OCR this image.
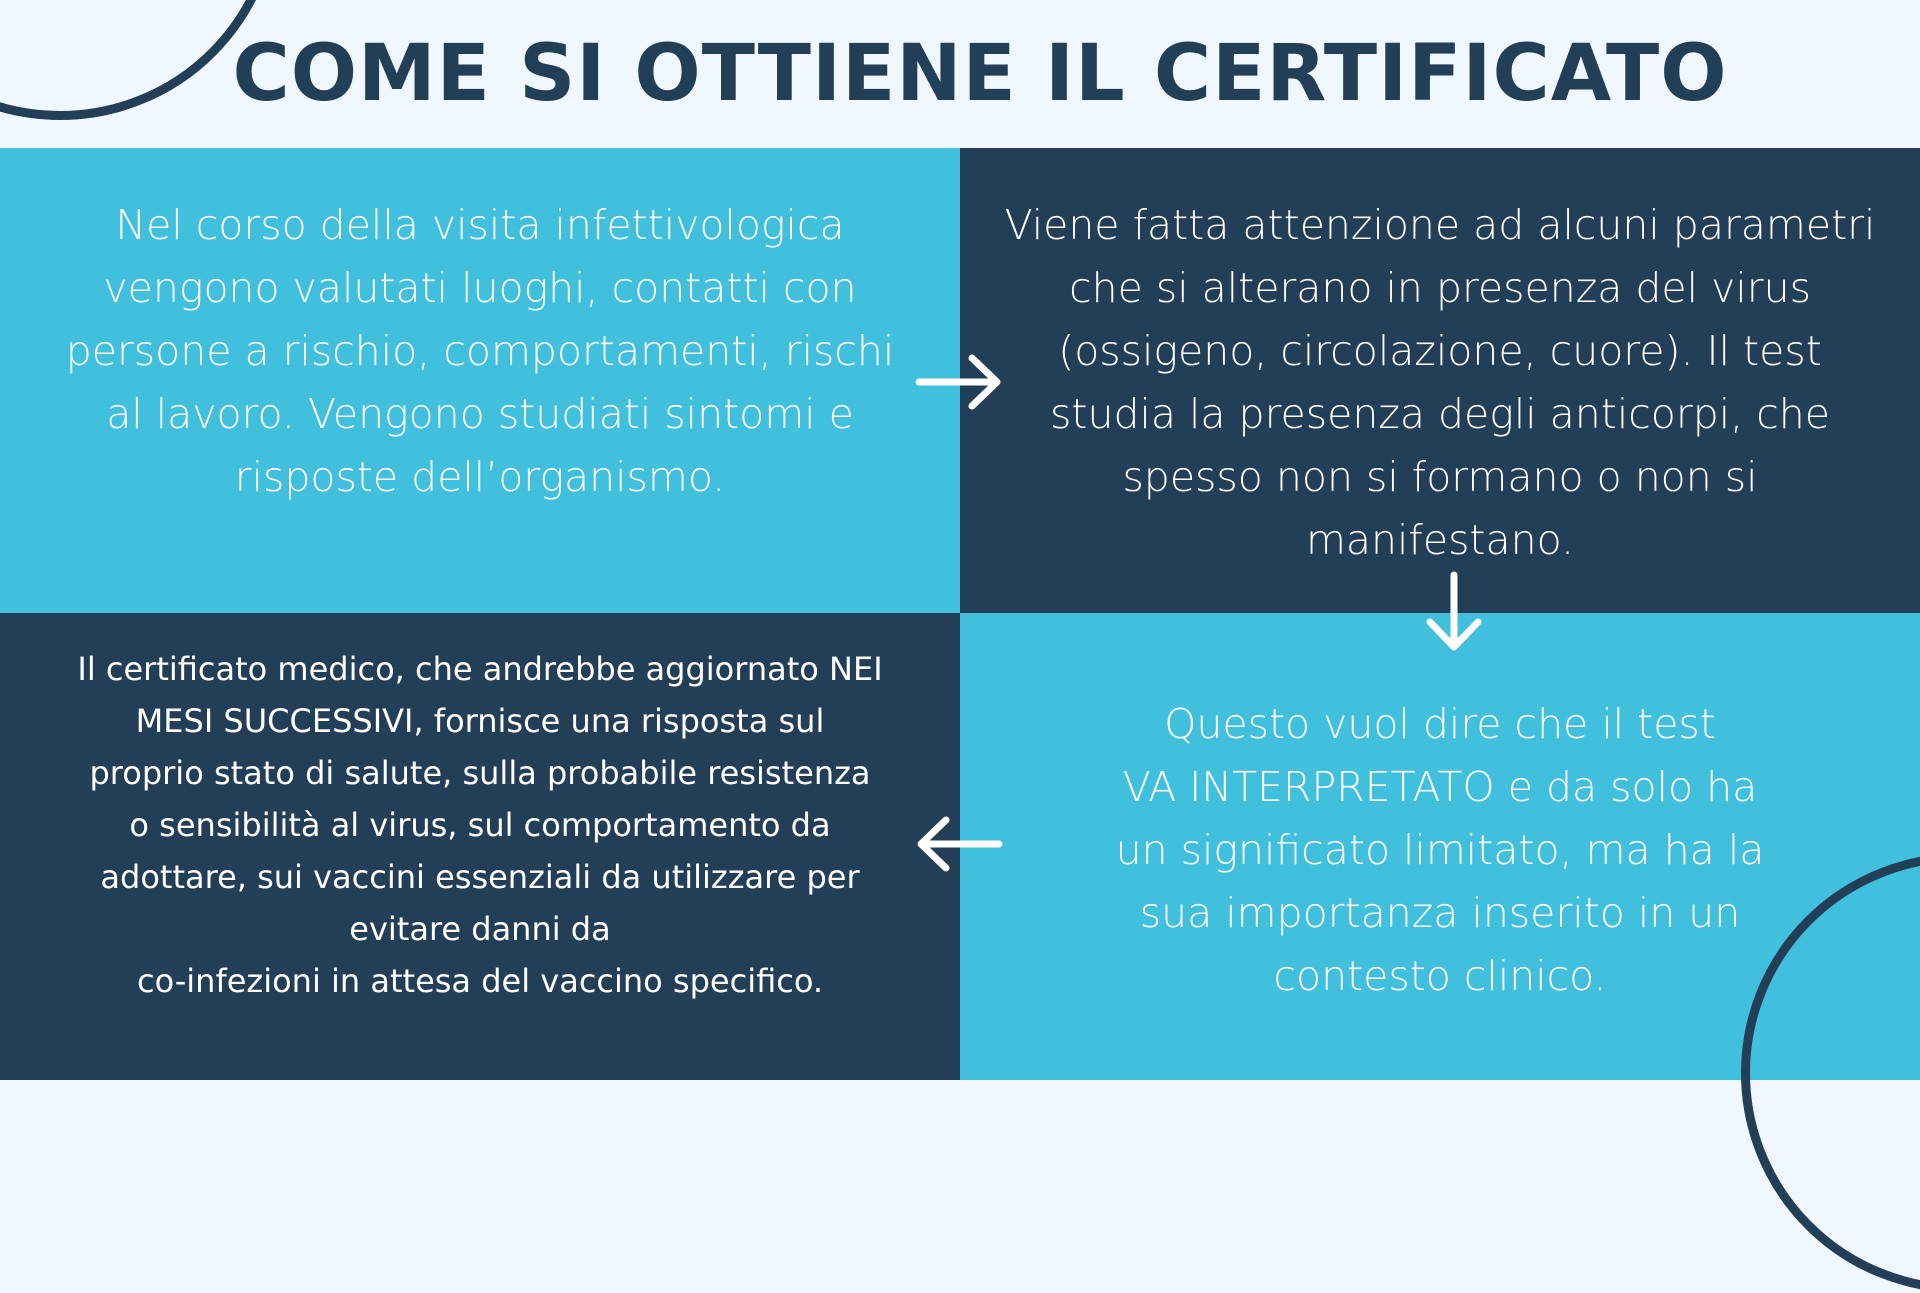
COME SI OTTIENE IL CERTIFICATO
Nel corso della visita infettivologica
vengono valutati luoghi, contatti con
persone a rischio, comportamenti, rischi
al lavoro. Vengono studiati sintomi e
risposte dell’organismo.
Viene fatta attenzione ad alcuni parametri
che si alterano in presenza del virus
(ossigeno, circolazione, cuore). Il test
studia la presenza degli anticorpi, che
spesso non si formano o non si
manifestano.
Il certificato medico, che andrebbe aggiornato NEI
MESI SUCCESSIVI, fornisce una risposta sul
proprio stato di salute, sulla probabile resistenza
o sensibilità al virus, sul comportamento da
adottare, sui vaccini essenziali da utilizzare per
evitare danni da
co-infezioni in attesa del vaccino specifico.
Questo vuol dire che il test
VA INTERPRETATO e da solo ha
un significato limitato, ma ha la
sua importanza inserito in un
contesto clinico.
